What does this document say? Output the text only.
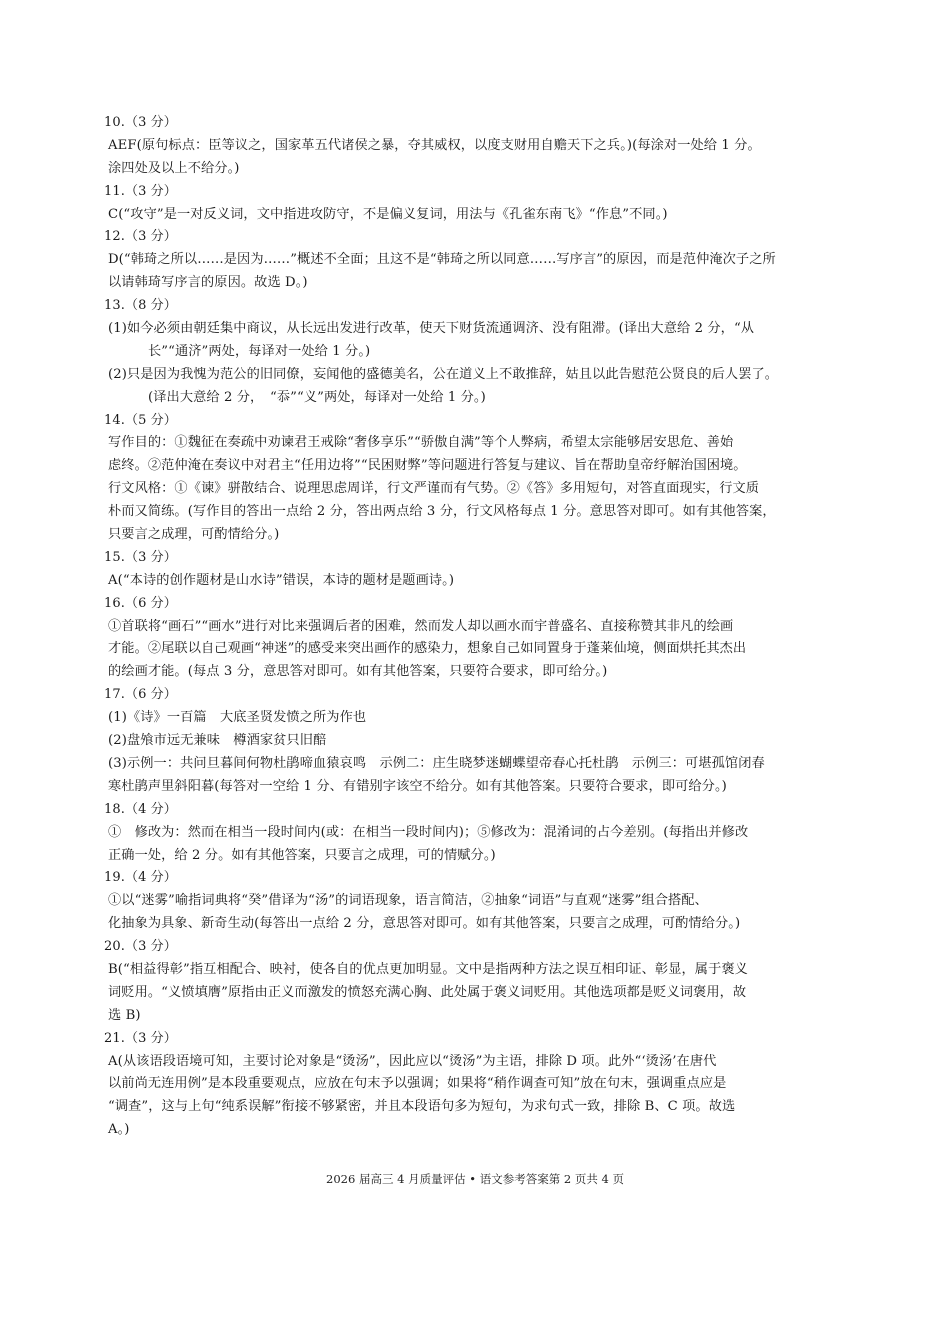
10.（3 分）
AEF(原句标点：臣等议之，国家革五代诸侯之暴，夺其威权，以度支财用自赡天下之兵。)(每涂对一处给 1 分。
涂四处及以上不给分。)
11.（3 分）
C(“攻守”是一对反义词，文中指进攻防守，不是偏义复词，用法与《孔雀东南飞》“作息”不同。)
12.（3 分）
D(“韩琦之所以……是因为……”概述不全面；且这不是“韩琦之所以同意……写序言”的原因，而是范仲淹次子之所
以请韩琦写序言的原因。故选 D。)
13.（8 分）
(1)如今必须由朝廷集中商议，从长远出发进行改革，使天下财货流通调济、没有阻滞。(译出大意给 2 分，“从
长”“通济”两处，每译对一处给 1 分。)
(2)只是因为我愧为范公的旧同僚，妄闻他的盛德美名，公在道义上不敢推辞，姑且以此告慰范公贤良的后人罢了。
(译出大意给 2 分，　“忝”“义”两处，每译对一处给 1 分。)
14.（5 分）
写作目的：①魏征在奏疏中劝谏君王戒除“奢侈享乐”“骄傲自满”等个人弊病，希望太宗能够居安思危、善始
虑终。②范仲淹在奏议中对君主“任用边将”“民困财弊”等问题进行答复与建议、旨在帮助皇帝纾解治国困境。
行文风格：①《谏》骈散结合、说理思虑周详，行文严谨而有气势。②《答》多用短句，对答直面现实，行文质
朴而又简练。(写作目的答出一点给 2 分，答出两点给 3 分，行文风格每点 1 分。意思答对即可。如有其他答案，
只要言之成理，可酌情给分。)
15.（3 分）
A(“本诗的创作题材是山水诗”错误，本诗的题材是题画诗。)
16.（6 分）
①首联将“画石”“画水”进行对比来强调后者的困难，然而发人却以画水而宇普盛名、直接称赞其非凡的绘画
才能。②尾联以自己观画“神迷”的感受来突出画作的感染力，想象自己如同置身于蓬莱仙境，侧面烘托其杰出
的绘画才能。(每点 3 分，意思答对即可。如有其他答案，只要符合要求，即可给分。)
17.（6 分）
(1)《诗》一百篇　大底圣贤发愤之所为作也
(2)盘飧市远无兼味　樽酒家贫只旧醅
(3)示例一：共问旦暮间何物杜鹃啼血猿哀鸣　示例二：庄生晓梦迷蝴蝶望帝春心托杜鹃　示例三：可堪孤馆闭春
寒杜鹃声里斜阳暮(每答对一空给 1 分、有错别字该空不给分。如有其他答案。只要符合要求，即可给分。)
18.（4 分）
①　修改为：然而在相当一段时间内(或：在相当一段时间内)；⑤修改为：混淆词的占今差别。(每指出并修改
正确一处，给 2 分。如有其他答案，只要言之成理，可的情赋分。)
19.（4 分）
①以“迷雾”喻指词典将“癸”借译为“汤”的词语现象，语言简洁，②抽象“词语”与直观“迷雾”组合搭配、
化抽象为具象、新奇生动(每答出一点给 2 分，意思答对即可。如有其他答案，只要言之成理，可酌情给分。)
20.（3 分）
B(“相益得彰”指互相配合、映衬，使各自的优点更加明显。文中是指两种方法之误互相印证、彰显，属于褒义
词贬用。“义愤填膺”原指由正义而激发的愤怒充满心胸、此处属于褒义词贬用。其他选项都是贬义词褒用，故
选 B)
21.（3 分）
A(从该语段语境可知，主要讨论对象是“烫汤”，因此应以“烫汤”为主语，排除 D 项。此外“‘烫汤’在唐代
以前尚无连用例”是本段重要观点，应放在句末予以强调；如果将“稍作调查可知”放在句末，强调重点应是
“调查”，这与上句“纯系误解”衔接不够紧密，并且本段语句多为短句，为求句式一致，排除 B、C 项。故选
A。)
2026 届高三 4 月质量评估 • 语文参考答案第 2 页共 4 页
